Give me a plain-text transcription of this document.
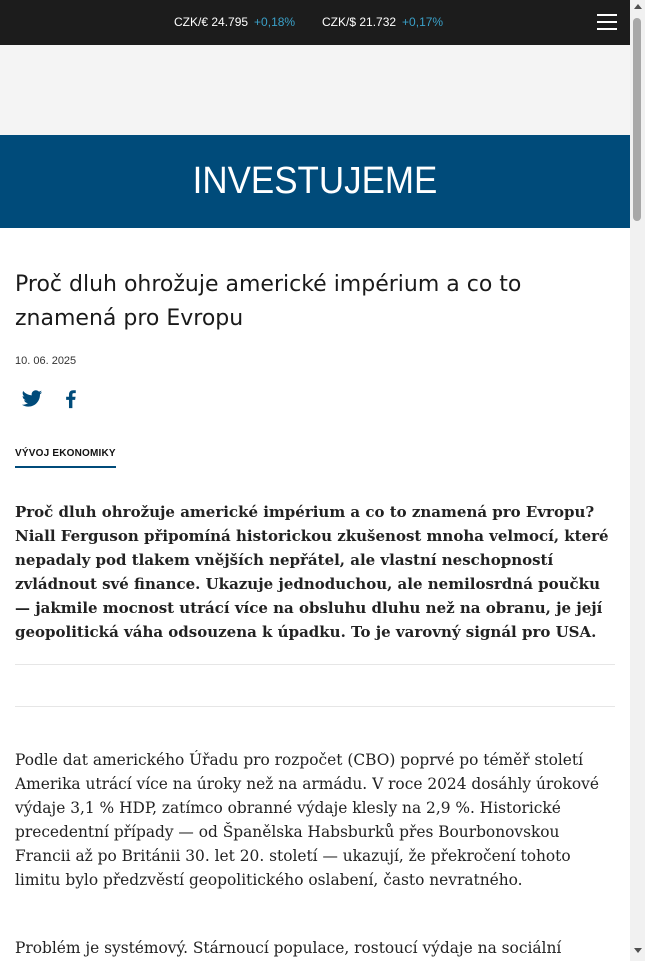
CZK/€ 24.795 +0,18% CZK/$ 21.732 +0,17%
INVESTUJEME
Proč dluh ohrožuje americké impérium a co to znamená pro Evropu
10. 06. 2025
VÝVOJ EKONOMIKY

Proč dluh ohrožuje americké impérium a co to znamená pro Evropu? Niall Ferguson připomíná historickou zkušenost mnoha velmocí, které nepadaly pod tlakem vnějších nepřátel, ale vlastní neschopností zvládnout své finance. Ukazuje jednoduchou, ale nemilosrdná poučku — jakmile mocnost utrácí více na obsluhu dluhu než na obranu, je její geopolitická váha odsouzena k úpadku. To je varovný signál pro USA.

Podle dat amerického Úřadu pro rozpočet (CBO) poprvé po téměř století Amerika utrácí více na úroky než na armádu. V roce 2024 dosáhly úrokové výdaje 3,1 % HDP, zatímco obranné výdaje klesly na 2,9 %. Historické precedentní případy — od Španělska Habsburků přes Bourbonovskou Francii až po Británii 30. let 20. století — ukazují, že překročení tohoto limitu bylo předzvěstí geopolitického oslabení, často nevratného.

Problém je systémový. Stárnoucí populace, rostoucí výdaje na sociální
